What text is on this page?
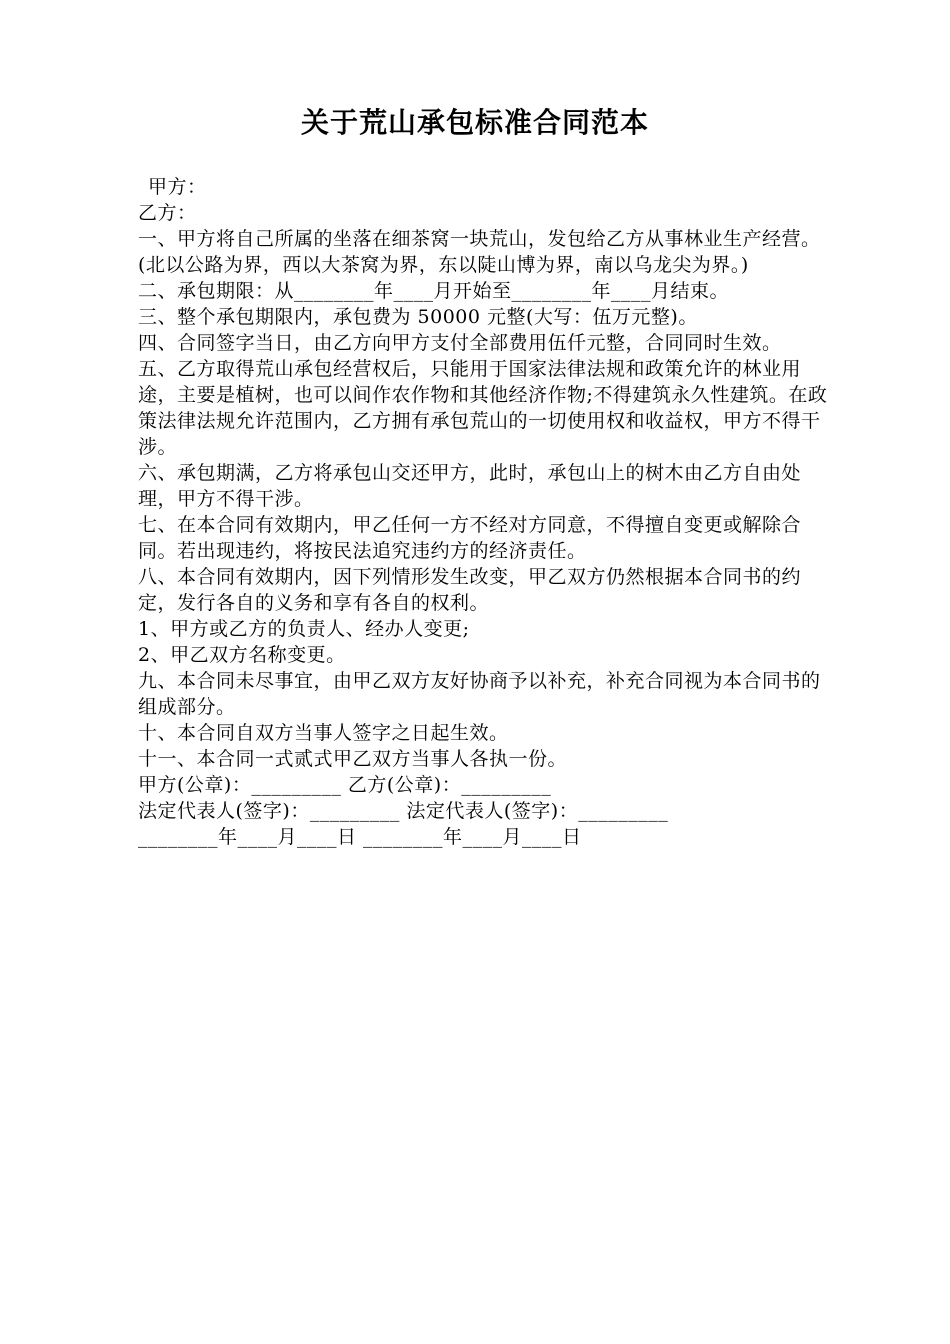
关于荒山承包标准合同范本

甲方：

乙方：

一、甲方将自己所属的坐落在细茶窝一块荒山，发包给乙方从事林业生产经营。(北以公路为界，西以大茶窝为界，东以陡山博为界，南以乌龙尖为界。)

二、承包期限：从________年____月开始至________年____月结束。

三、整个承包期限内，承包费为 50000 元整(大写：伍万元整)。

四、合同签字当日，由乙方向甲方支付全部费用伍仟元整，合同同时生效。

五、乙方取得荒山承包经营权后，只能用于国家法律法规和政策允许的林业用途，主要是植树，也可以间作农作物和其他经济作物;不得建筑永久性建筑。在政策法律法规允许范围内，乙方拥有承包荒山的一切使用权和收益权，甲方不得干涉。

六、承包期满，乙方将承包山交还甲方，此时，承包山上的树木由乙方自由处理，甲方不得干涉。

七、在本合同有效期内，甲乙任何一方不经对方同意，不得擅自变更或解除合同。若出现违约，将按民法追究违约方的经济责任。

八、本合同有效期内，因下列情形发生改变，甲乙双方仍然根据本合同书的约定，发行各自的义务和享有各自的权利。

1、甲方或乙方的负责人、经办人变更;

2、甲乙双方名称变更。

九、本合同未尽事宜，由甲乙双方友好协商予以补充，补充合同视为本合同书的组成部分。

十、本合同自双方当事人签字之日起生效。

十一、本合同一式贰式甲乙双方当事人各执一份。

甲方(公章)：_________ 乙方(公章)：_________

法定代表人(签字)：_________ 法定代表人(签字)：_________

________年____月____日 ________年____月____日
